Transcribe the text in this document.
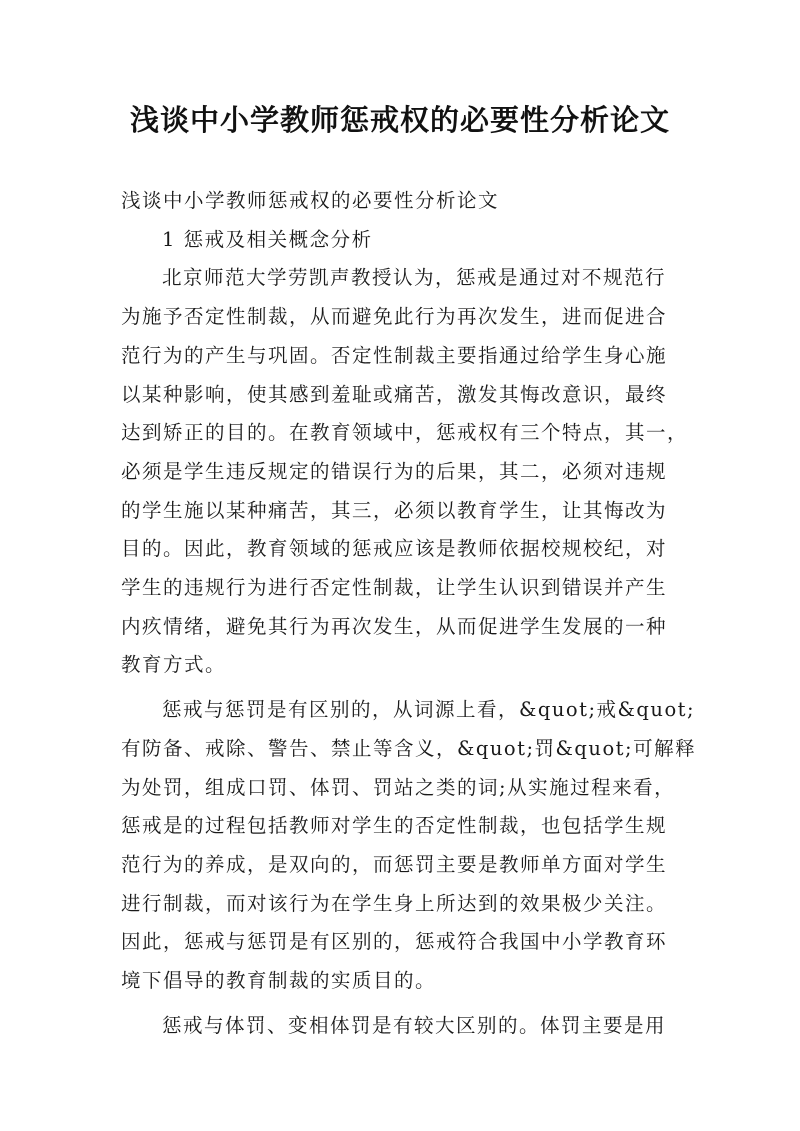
浅谈中小学教师惩戒权的必要性分析论文
浅谈中小学教师惩戒权的必要性分析论文
1 惩戒及相关概念分析
北京师范大学劳凯声教授认为，惩戒是通过对不规范行
为施予否定性制裁，从而避免此行为再次发生，进而促进合
范行为的产生与巩固。否定性制裁主要指通过给学生身心施
以某种影响，使其感到羞耻或痛苦，激发其悔改意识，最终
达到矫正的目的。在教育领域中，惩戒权有三个特点，其一，
必须是学生违反规定的错误行为的后果，其二，必须对违规
的学生施以某种痛苦，其三，必须以教育学生，让其悔改为
目的。因此，教育领域的惩戒应该是教师依据校规校纪，对
学生的违规行为进行否定性制裁，让学生认识到错误并产生
内疚情绪，避免其行为再次发生，从而促进学生发展的一种
教育方式。
惩戒与惩罚是有区别的，从词源上看，&quot;戒&quot;
有防备、戒除、警告、禁止等含义，&quot;罚&quot;可解释
为处罚，组成口罚、体罚、罚站之类的词;从实施过程来看，
惩戒是的过程包括教师对学生的否定性制裁，也包括学生规
范行为的养成，是双向的，而惩罚主要是教师单方面对学生
进行制裁，而对该行为在学生身上所达到的效果极少关注。
因此，惩戒与惩罚是有区别的，惩戒符合我国中小学教育环
境下倡导的教育制裁的实质目的。
惩戒与体罚、变相体罚是有较大区别的。体罚主要是用
